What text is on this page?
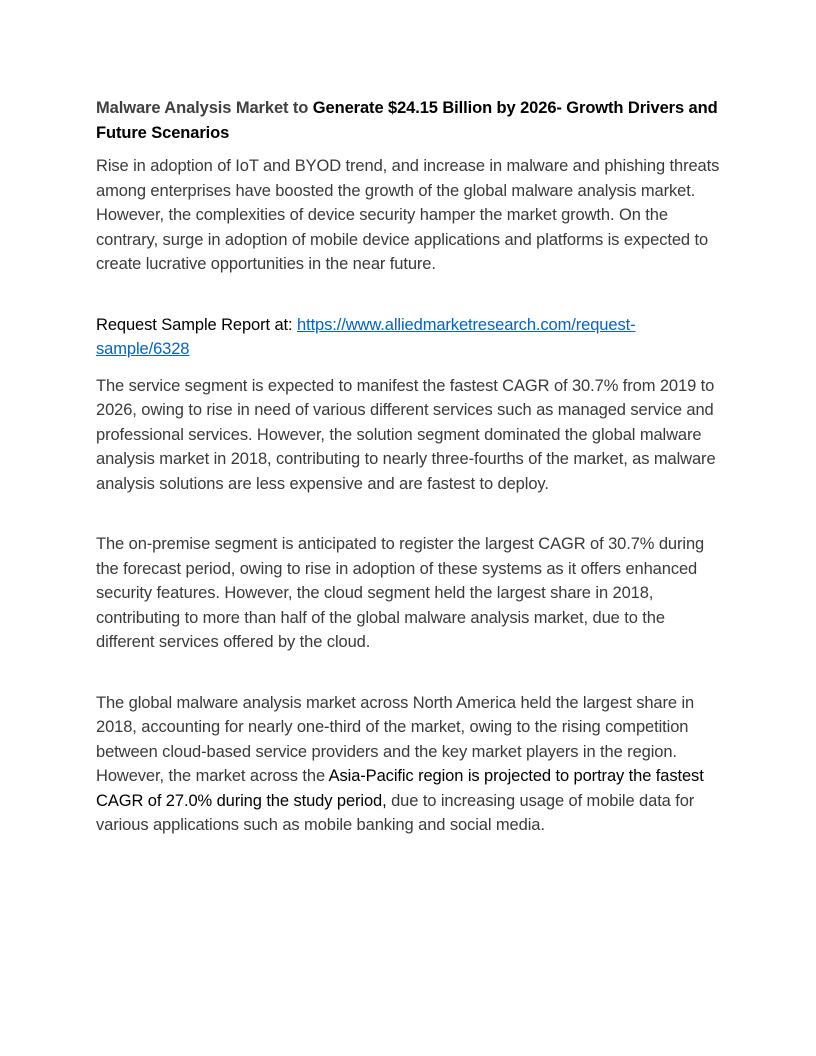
Malware Analysis Market to Generate $24.15 Billion by 2026- Growth Drivers and Future Scenarios

Rise in adoption of IoT and BYOD trend, and increase in malware and phishing threats among enterprises have boosted the growth of the global malware analysis market. However, the complexities of device security hamper the market growth. On the contrary, surge in adoption of mobile device applications and platforms is expected to create lucrative opportunities in the near future.

Request Sample Report at: https://www.alliedmarketresearch.com/request-sample/6328

The service segment is expected to manifest the fastest CAGR of 30.7% from 2019 to 2026, owing to rise in need of various different services such as managed service and professional services. However, the solution segment dominated the global malware analysis market in 2018, contributing to nearly three-fourths of the market, as malware analysis solutions are less expensive and are fastest to deploy.

The on-premise segment is anticipated to register the largest CAGR of 30.7% during the forecast period, owing to rise in adoption of these systems as it offers enhanced security features. However, the cloud segment held the largest share in 2018, contributing to more than half of the global malware analysis market, due to the different services offered by the cloud.

The global malware analysis market across North America held the largest share in 2018, accounting for nearly one-third of the market, owing to the rising competition between cloud-based service providers and the key market players in the region. However, the market across the Asia-Pacific region is projected to portray the fastest CAGR of 27.0% during the study period, due to increasing usage of mobile data for various applications such as mobile banking and social media.
